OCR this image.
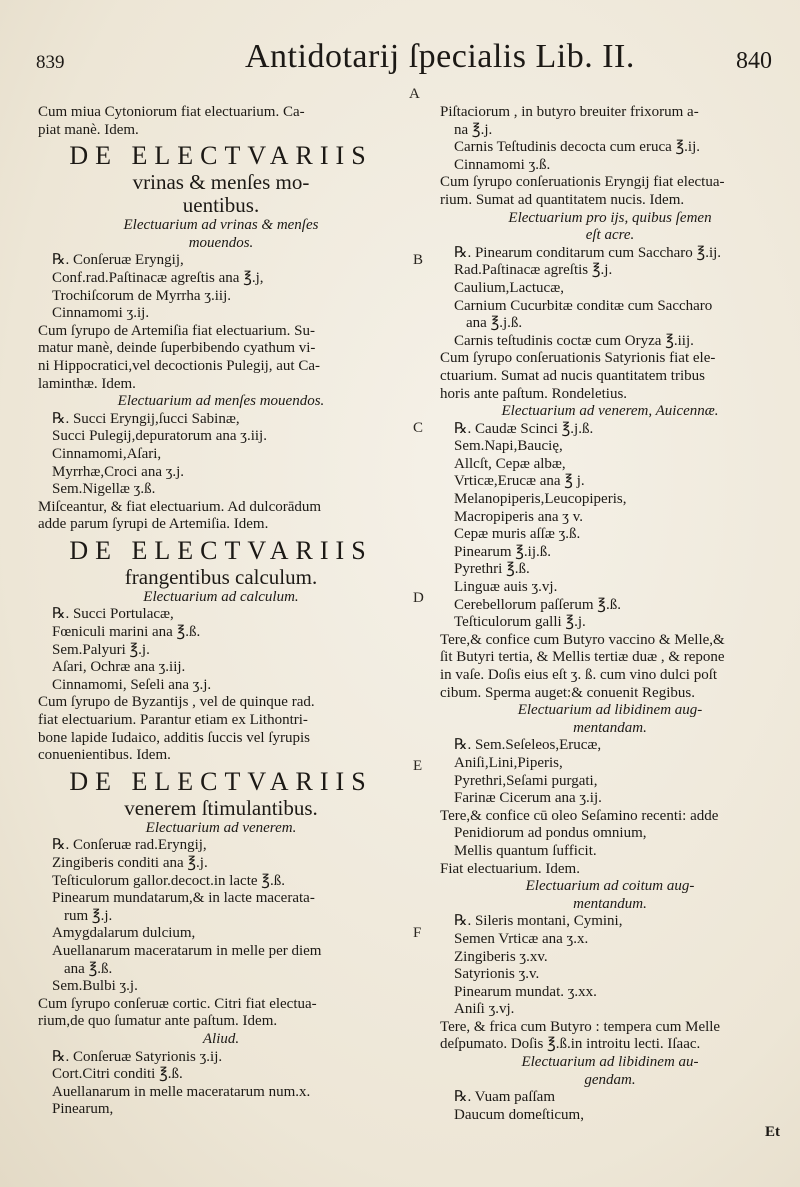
839	Antidotarij ſpecialis Lib. II.	840
Cum miua Cytoniorum fiat electuarium. Ca-
piat manè. Idem.
DE ELECTVARIIS
vrinas & menſes mo-
uentibus.
Electuarium ad vrinas & menſes
mouendos.
℞. Conſeruæ Eryngij,
Conf.rad.Paſtinacæ agreſtis ana ℥.j,
Trochiſcorum de Myrrha ʒ.iij.
Cinnamomi ʒ.ij.
Cum ſyrupo de Artemiſia fiat electuarium. Su-
matur manè, deinde ſuperbibendo cyathum vi-
ni Hippocratici,vel decoctionis Pulegij, aut Ca-
laminthæ. Idem.
Electuarium ad menſes mouendos.
℞. Succi Eryngij,ſucci Sabinæ,
Succi Pulegij,depuratorum ana ʒ.iij.
Cinnamomi,Aſari,
Myrrhæ,Croci ana ʒ.j.
Sem.Nigellæ ʒ.ß.
Miſceantur, & fiat electuarium. Ad dulcorādum
adde parum ſyrupi de Artemiſia. Idem.
DE ELECTVARIIS
frangentibus calculum.
Electuarium ad calculum.
℞. Succi Portulacæ,
Fœniculi marini ana ℥.ß.
Sem.Palyuri ℥.j.
Aſari, Ochræ ana ʒ.iij.
Cinnamomi, Seſeli ana ʒ.j.
Cum ſyrupo de Byzantijs , vel de quinque rad.
fiat electuarium. Parantur etiam ex Lithontri-
bone lapide Iudaico, additis ſuccis vel ſyrupis
conuenientibus. Idem.
DE ELECTVARIIS
venerem ſtimulantibus.
Electuarium ad venerem.
℞. Conſeruæ rad.Eryngij,
Zingiberis conditi ana ℥.j.
Teſticulorum gallor.decoct.in lacte ℥.ß.
Pinearum mundatarum,& in lacte macerata-
rum ℥.j.
Amygdalarum dulcium,
Auellanarum maceratarum in melle per diem
ana ℥.ß.
Sem.Bulbi ʒ.j.
Cum ſyrupo conſeruæ cortic. Citri fiat electua-
rium,de quo ſumatur ante paſtum. Idem.
Aliud.
℞. Conſeruæ Satyrionis ʒ.ij.
Cort.Citri conditi ℥.ß.
Auellanarum in melle maceratarum num.x.
Pinearum,
Piſtaciorum , in butyro breuiter frixorum a-
na ℥.j.
Carnis Teſtudinis decocta cum eruca ℥.ij.
Cinnamomi ʒ.ß.
Cum ſyrupo conſeruationis Eryngij fiat electua-
rium. Sumat ad quantitatem nucis. Idem.
Electuarium pro ijs, quibus ſemen
eſt acre.
℞. Pinearum conditarum cum Saccharo ℥.ij.
Rad.Paſtinacæ agreſtis ℥.j.
Caulium,Lactucæ,
Carnium Cucurbitæ conditæ cum Saccharo
ana ℥.j.ß.
Carnis teſtudinis coctæ cum Oryza ℥.iij.
Cum ſyrupo conſeruationis Satyrionis fiat ele-
ctuarium. Sumat ad nucis quantitatem tribus
horis ante paſtum. Rondeletius.
Electuarium ad venerem, Auicennæ.
℞. Caudæ Scinci ℥.j.ß.
Sem.Napi,Baucię,
Allcſt, Cepæ albæ,
Vrticæ,Erucæ ana ℥ j.
Melanopiperis,Leucopiperis,
Macropiperis ana ʒ v.
Cepæ muris aſſæ ʒ.ß.
Pinearum ℥.ij.ß.
Pyrethri ℥.ß.
Linguæ auis ʒ.vj.
Cerebellorum paſſerum ℥.ß.
Teſticulorum galli ℥.j.
Tere,& confice cum Butyro vaccino & Melle,&
ſit Butyri tertia, & Mellis tertiæ duæ , & repone
in vaſe. Doſis eius eſt ʒ. ß. cum vino dulci poſt
cibum. Sperma auget:& conuenit Regibus.
Electuarium ad libidinem aug-
mentandam.
℞. Sem.Seſeleos,Erucæ,
Aniſi,Lini,Piperis,
Pyrethri,Seſami purgati,
Farinæ Cicerum ana ʒ.ij.
Tere,& confice cū oleo Seſamino recenti: adde
Penidiorum ad pondus omnium,
Mellis quantum ſufficit.
Fiat electuarium. Idem.
Electuarium ad coitum aug-
mentandum.
℞. Sileris montani, Cymini,
Semen Vrticæ ana ʒ.x.
Zingiberis ʒ.xv.
Satyrionis ʒ.v.
Pinearum mundat. ʒ.xx.
Aniſi ʒ.vj.
Tere, & frica cum Butyro : tempera cum Melle
deſpumato. Doſis ℥.ß.in introitu lecti. Iſaac.
Electuarium ad libidinem au-
gendam.
℞. Vuam paſſam
Daucum domeſticum,
Et
A
B
C
D
E
F
